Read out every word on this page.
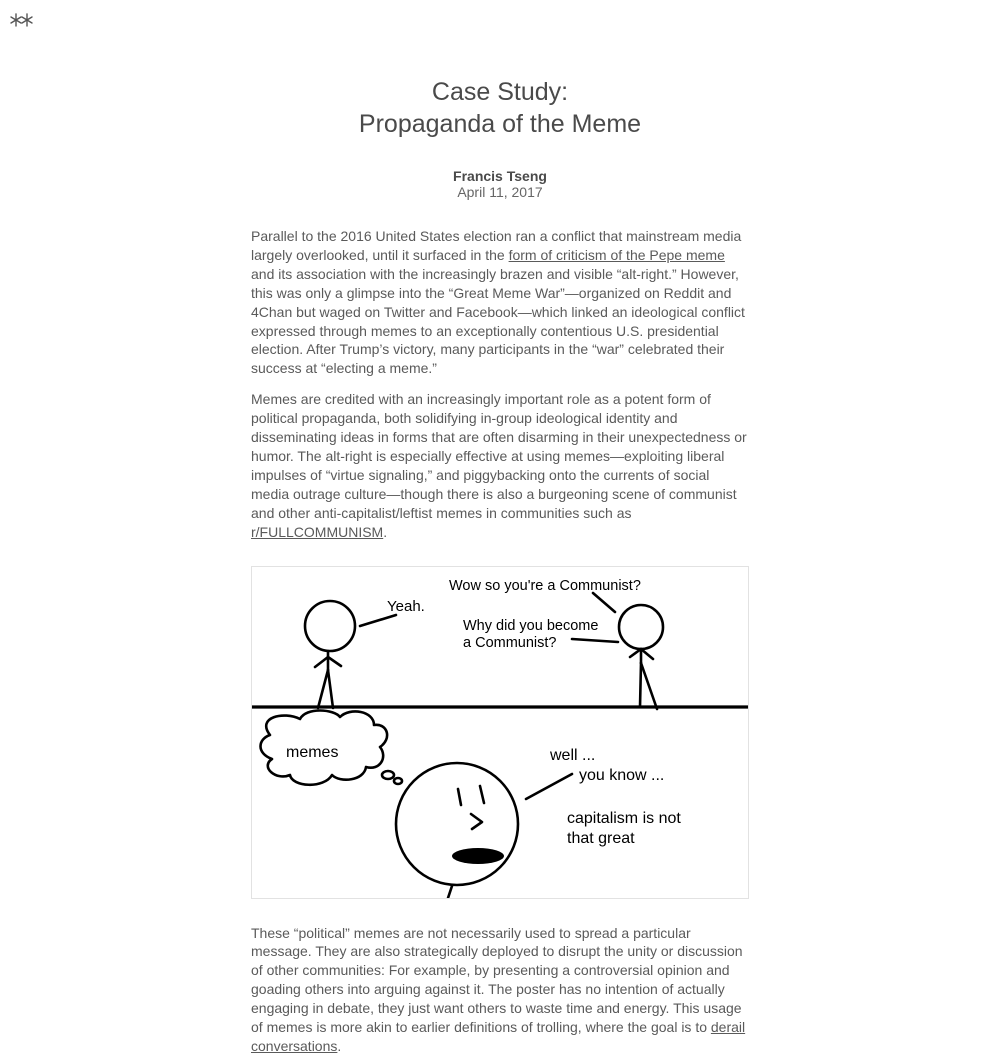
Case Study:
Propaganda of the Meme
Francis Tseng
April 11, 2017

Parallel to the 2016 United States election ran a conflict that mainstream media largely overlooked, until it surfaced in the form of criticism of the Pepe meme and its association with the increasingly brazen and visible “alt-right.” However, this was only a glimpse into the “Great Meme War”—organized on Reddit and 4Chan but waged on Twitter and Facebook—which linked an ideological conflict expressed through memes to an exceptionally contentious U.S. presidential election. After Trump’s victory, many participants in the “war” celebrated their success at “electing a meme.”

Memes are credited with an increasingly important role as a potent form of political propaganda, both solidifying in-group ideological identity and disseminating ideas in forms that are often disarming in their unexpectedness or humor. The alt-right is especially effective at using memes—exploiting liberal impulses of “virtue signaling,” and piggybacking onto the currents of social media outrage culture—though there is also a burgeoning scene of communist and other anti-capitalist/leftist memes in communities such as r/FULLCOMMUNISM.

Yeah.
Wow so you're a Communist?
Why did you become
a Communist?
memes	well ...
you know ...
capitalism is not
that great

These “political” memes are not necessarily used to spread a particular message. They are also strategically deployed to disrupt the unity or discussion of other communities: For example, by presenting a controversial opinion and goading others into arguing against it. The poster has no intention of actually engaging in debate, they just want others to waste time and energy. This usage of memes is more akin to earlier definitions of trolling, where the goal is to derail conversations.
